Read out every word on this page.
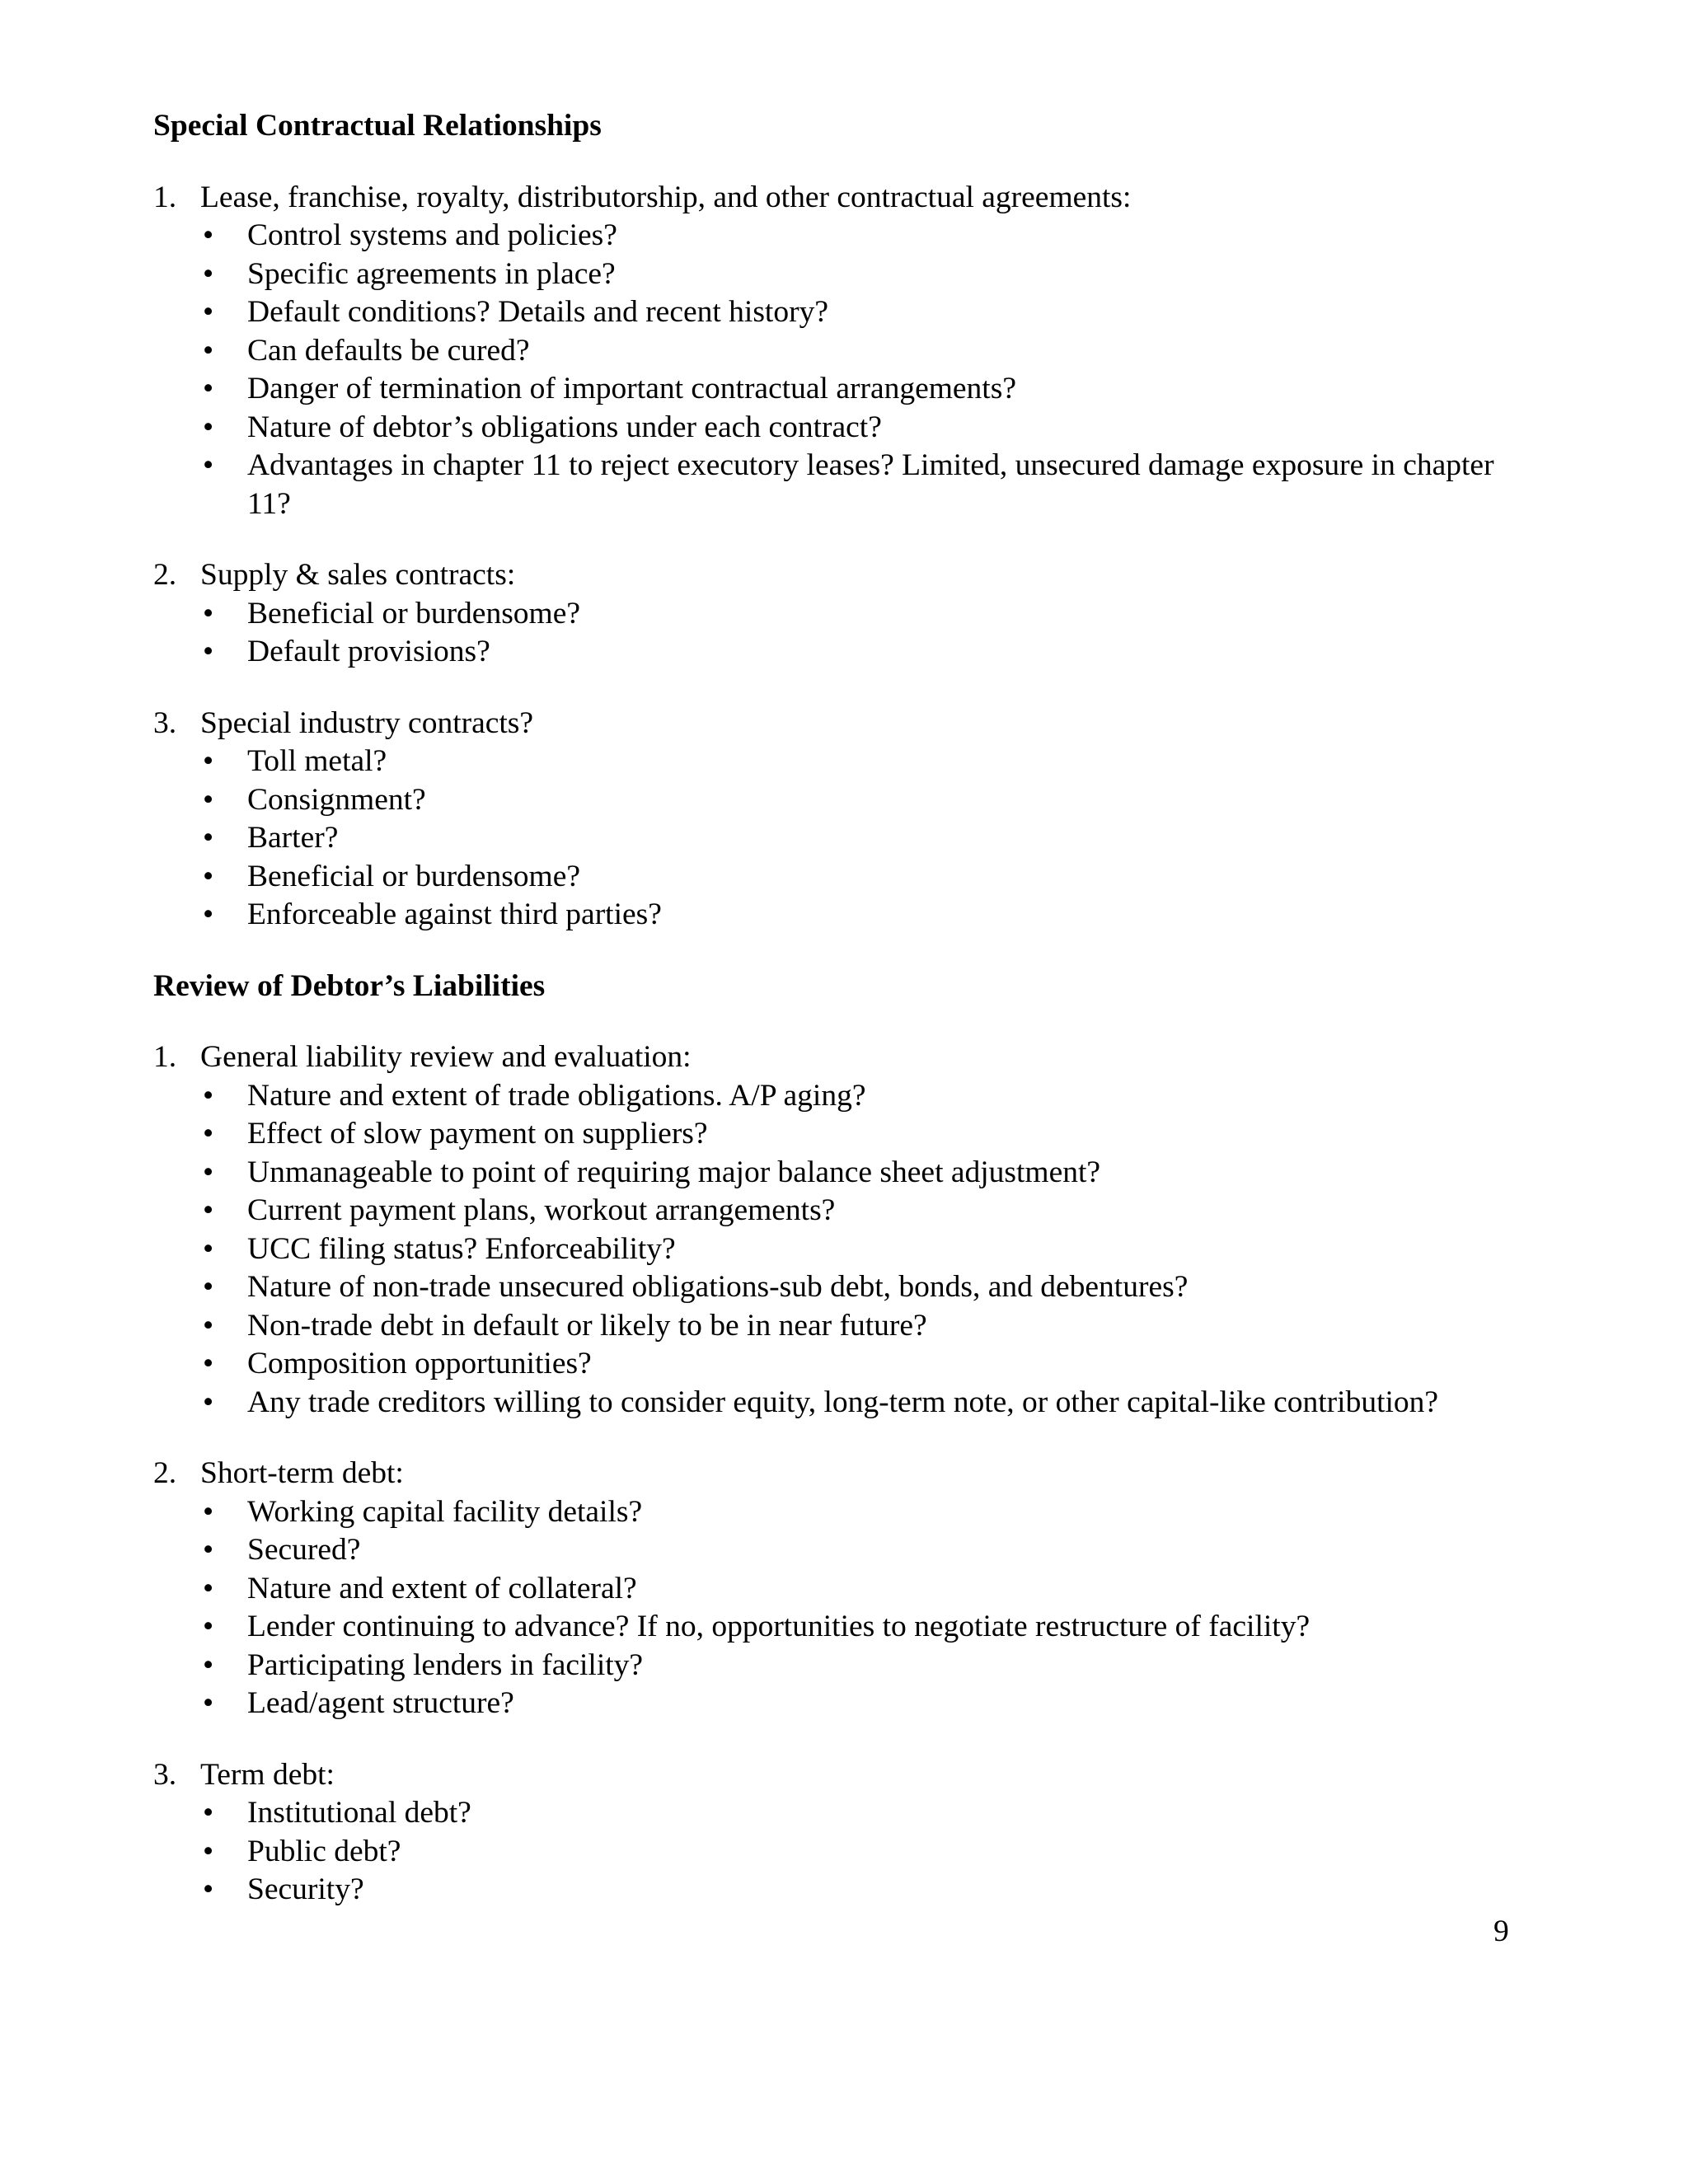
Special Contractual Relationships
1. Lease, franchise, royalty, distributorship, and other contractual agreements:
•	Control systems and policies?
•	Specific agreements in place?
•	Default conditions? Details and recent history?
•	Can defaults be cured?
•	Danger of termination of important contractual arrangements?
•	Nature of debtor’s obligations under each contract?
•	Advantages in chapter 11 to reject executory leases? Limited, unsecured damage exposure in chapter 11?
2. Supply & sales contracts:
•	Beneficial or burdensome?
•	Default provisions?
3. Special industry contracts?
•	Toll metal?
•	Consignment?
•	Barter?
•	Beneficial or burdensome?
•	Enforceable against third parties?
Review of Debtor’s Liabilities
1. General liability review and evaluation:
•	Nature and extent of trade obligations. A/P aging?
•	Effect of slow payment on suppliers?
•	Unmanageable to point of requiring major balance sheet adjustment?
•	Current payment plans, workout arrangements?
•	UCC filing status? Enforceability?
•	Nature of non-trade unsecured obligations-sub debt, bonds, and debentures?
•	Non-trade debt in default or likely to be in near future?
•	Composition opportunities?
•	Any trade creditors willing to consider equity, long-term note, or other capital-like contribution?
2. Short-term debt:
•	Working capital facility details?
•	Secured?
•	Nature and extent of collateral?
•	Lender continuing to advance? If no, opportunities to negotiate restructure of facility?
•	Participating lenders in facility?
•	Lead/agent structure?
3. Term debt:
•	Institutional debt?
•	Public debt?
•	Security?
9
